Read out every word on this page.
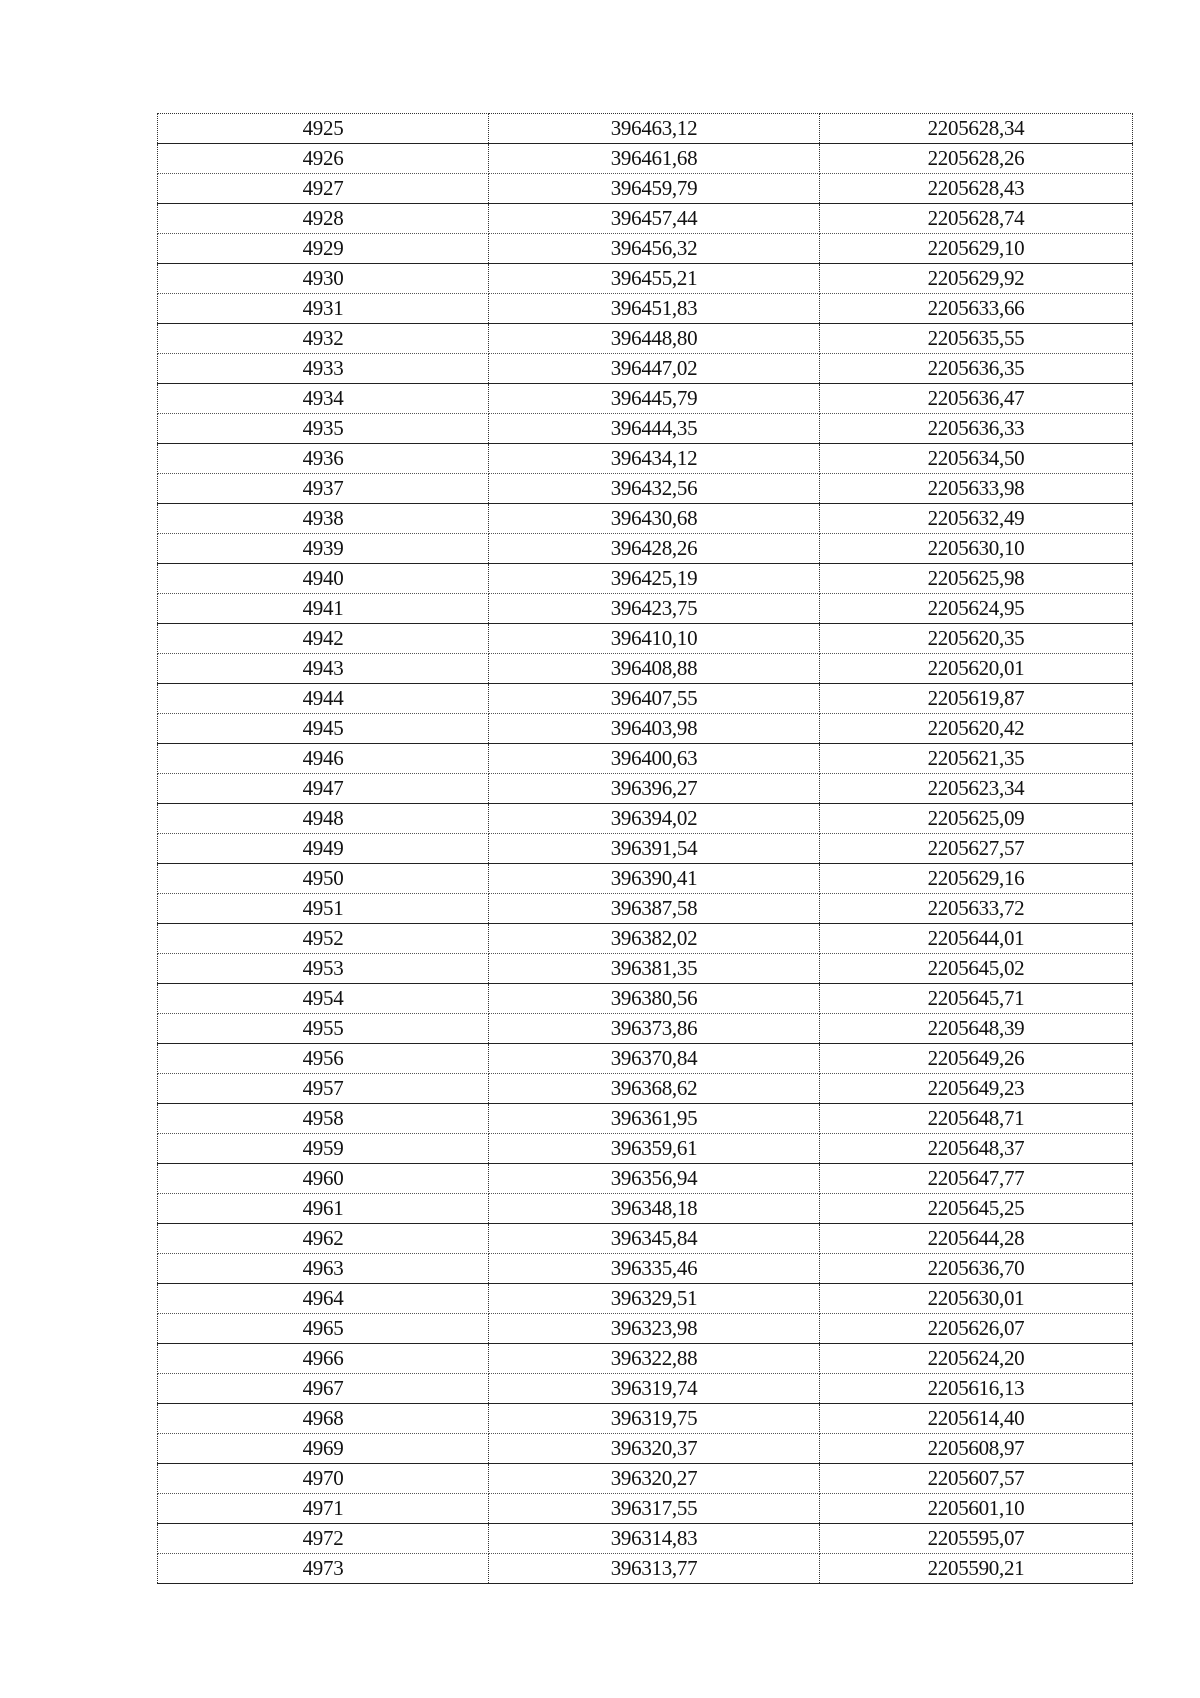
4925	396463,12	2205628,34
4926	396461,68	2205628,26
4927	396459,79	2205628,43
4928	396457,44	2205628,74
4929	396456,32	2205629,10
4930	396455,21	2205629,92
4931	396451,83	2205633,66
4932	396448,80	2205635,55
4933	396447,02	2205636,35
4934	396445,79	2205636,47
4935	396444,35	2205636,33
4936	396434,12	2205634,50
4937	396432,56	2205633,98
4938	396430,68	2205632,49
4939	396428,26	2205630,10
4940	396425,19	2205625,98
4941	396423,75	2205624,95
4942	396410,10	2205620,35
4943	396408,88	2205620,01
4944	396407,55	2205619,87
4945	396403,98	2205620,42
4946	396400,63	2205621,35
4947	396396,27	2205623,34
4948	396394,02	2205625,09
4949	396391,54	2205627,57
4950	396390,41	2205629,16
4951	396387,58	2205633,72
4952	396382,02	2205644,01
4953	396381,35	2205645,02
4954	396380,56	2205645,71
4955	396373,86	2205648,39
4956	396370,84	2205649,26
4957	396368,62	2205649,23
4958	396361,95	2205648,71
4959	396359,61	2205648,37
4960	396356,94	2205647,77
4961	396348,18	2205645,25
4962	396345,84	2205644,28
4963	396335,46	2205636,70
4964	396329,51	2205630,01
4965	396323,98	2205626,07
4966	396322,88	2205624,20
4967	396319,74	2205616,13
4968	396319,75	2205614,40
4969	396320,37	2205608,97
4970	396320,27	2205607,57
4971	396317,55	2205601,10
4972	396314,83	2205595,07
4973	396313,77	2205590,21
